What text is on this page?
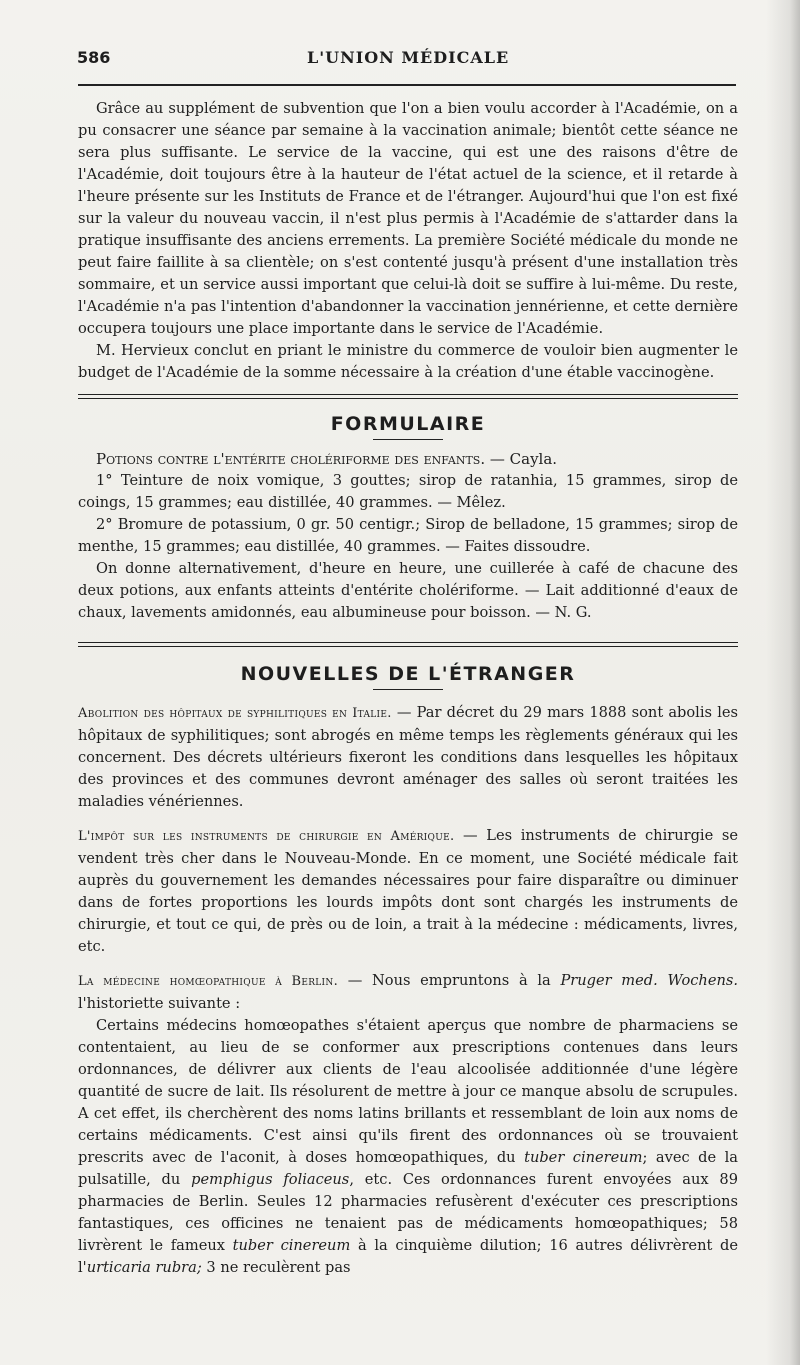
586	L'UNION MÉDICALE

Grâce au supplément de subvention que l'on a bien voulu accorder à l'Académie, on a pu consacrer une séance par semaine à la vaccination animale; bientôt cette séance ne sera plus suffisante. Le service de la vaccine, qui est une des raisons d'être de l'Académie, doit toujours être à la hauteur de l'état actuel de la science, et il retarde à l'heure présente sur les Instituts de France et de l'étranger. Aujourd'hui que l'on est fixé sur la valeur du nouveau vaccin, il n'est plus permis à l'Académie de s'attarder dans la pratique insuffisante des anciens errements. La première Société médicale du monde ne peut faire faillite à sa clientèle; on s'est contenté jusqu'à présent d'une installation très sommaire, et un service aussi important que celui-là doit se suffire à lui-même. Du reste, l'Académie n'a pas l'intention d'abandonner la vaccination jennérienne, et cette dernière occupera toujours une place importante dans le service de l'Académie.

M. Hervieux conclut en priant le ministre du commerce de vouloir bien augmenter le budget de l'Académie de la somme nécessaire à la création d'une étable vaccinogène.

FORMULAIRE

Potions contre l'entérite cholériforme des enfants. — Cayla.

1° Teinture de noix vomique, 3 gouttes; sirop de ratanhia, 15 grammes, sirop de coings, 15 grammes; eau distillée, 40 grammes. — Mêlez.

2° Bromure de potassium, 0 gr. 50 centigr.; Sirop de belladone, 15 grammes; sirop de menthe, 15 grammes; eau distillée, 40 grammes. — Faites dissoudre.

On donne alternativement, d'heure en heure, une cuillerée à café de chacune des deux potions, aux enfants atteints d'entérite cholériforme. — Lait additionné d'eaux de chaux, lavements amidonnés, eau albumineuse pour boisson. — N. G.

NOUVELLES DE L'ÉTRANGER

Abolition des hôpitaux de syphilitiques en Italie. — Par décret du 29 mars 1888 sont abolis les hôpitaux de syphilitiques; sont abrogés en même temps les règlements généraux qui les concernent. Des décrets ultérieurs fixeront les conditions dans lesquelles les hôpitaux des provinces et des communes devront aménager des salles où seront traitées les maladies vénériennes.

L'impôt sur les instruments de chirurgie en Amérique. — Les instruments de chirurgie se vendent très cher dans le Nouveau-Monde. En ce moment, une Société médicale fait auprès du gouvernement les demandes nécessaires pour faire disparaître ou diminuer dans de fortes proportions les lourds impôts dont sont chargés les instruments de chirurgie, et tout ce qui, de près ou de loin, a trait à la médecine : médicaments, livres, etc.

La médecine homœopathique à Berlin. — Nous empruntons à la Pruger med. Wochens. l'historiette suivante :

Certains médecins homœopathes s'étaient aperçus que nombre de pharmaciens se contentaient, au lieu de se conformer aux prescriptions contenues dans leurs ordonnances, de délivrer aux clients de l'eau alcoolisée additionnée d'une légère quantité de sucre de lait. Ils résolurent de mettre à jour ce manque absolu de scrupules. A cet effet, ils cherchèrent des noms latins brillants et ressemblant de loin aux noms de certains médicaments. C'est ainsi qu'ils firent des ordonnances où se trouvaient prescrits avec de l'aconit, à doses homœopathiques, du tuber cinereum; avec de la pulsatille, du pemphigus foliaceus, etc. Ces ordonnances furent envoyées aux 89 pharmacies de Berlin. Seules 12 pharmacies refusèrent d'exécuter ces prescriptions fantastiques, ces officines ne tenaient pas de médicaments homœopathiques; 58 livrèrent le fameux tuber cinereum à la cinquième dilution; 16 autres délivrèrent de l'urticaria rubra; 3 ne reculèrent pas
